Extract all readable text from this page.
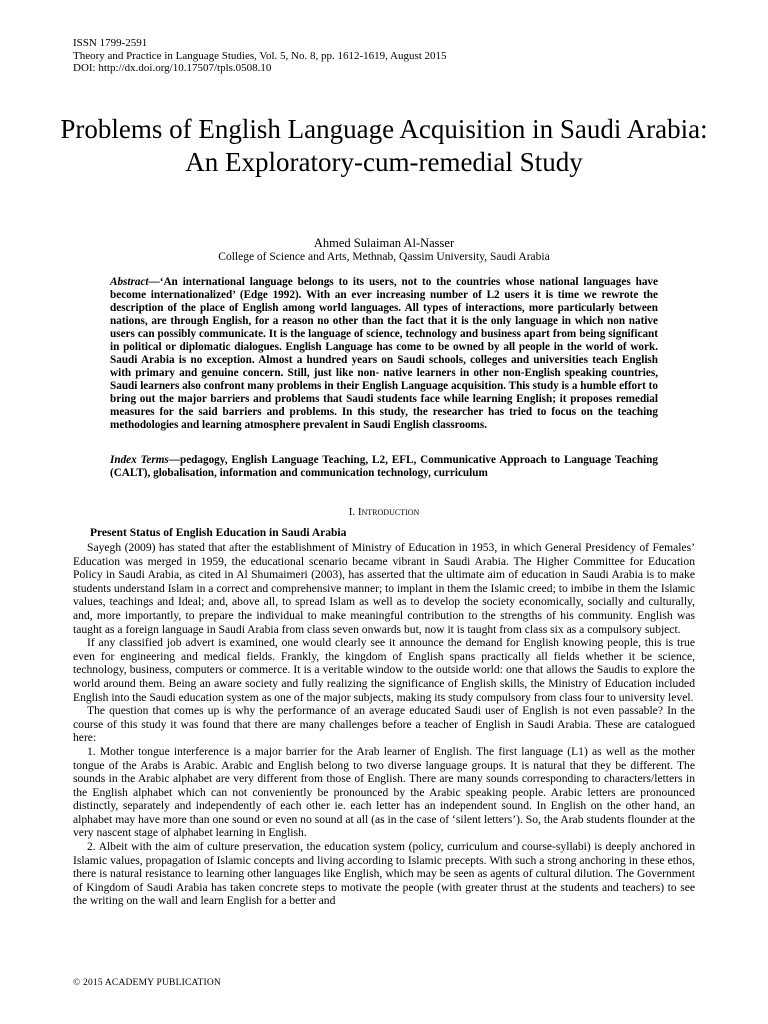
ISSN 1799-2591
Theory and Practice in Language Studies, Vol. 5, No. 8, pp. 1612-1619, August 2015
DOI: http://dx.doi.org/10.17507/tpls.0508.10
Problems of English Language Acquisition in Saudi Arabia: An Exploratory-cum-remedial Study
Ahmed Sulaiman Al-Nasser
College of Science and Arts, Methnab, Qassim University, Saudi Arabia
Abstract—‘An international language belongs to its users, not to the countries whose national languages have become internationalized’ (Edge 1992). With an ever increasing number of L2 users it is time we rewrote the description of the place of English among world languages. All types of interactions, more particularly between nations, are through English, for a reason no other than the fact that it is the only language in which non native users can possibly communicate. It is the language of science, technology and business apart from being significant in political or diplomatic dialogues. English Language has come to be owned by all people in the world of work. Saudi Arabia is no exception. Almost a hundred years on Saudi schools, colleges and universities teach English with primary and genuine concern. Still, just like non- native learners in other non-English speaking countries, Saudi learners also confront many problems in their English Language acquisition. This study is a humble effort to bring out the major barriers and problems that Saudi students face while learning English; it proposes remedial measures for the said barriers and problems. In this study, the researcher has tried to focus on the teaching methodologies and learning atmosphere prevalent in Saudi English classrooms.
Index Terms—pedagogy, English Language Teaching, L2, EFL, Communicative Approach to Language Teaching (CALT), globalisation, information and communication technology, curriculum
I. Introduction
Present Status of English Education in Saudi Arabia

Sayegh (2009) has stated that after the establishment of Ministry of Education in 1953, in which General Presidency of Females’ Education was merged in 1959, the educational scenario became vibrant in Saudi Arabia. The Higher Committee for Education Policy in Saudi Arabia, as cited in Al Shumaimeri (2003), has asserted that the ultimate aim of education in Saudi Arabia is to make students understand Islam in a correct and comprehensive manner; to implant in them the Islamic creed; to imbibe in them the Islamic values, teachings and Ideal; and, above all, to spread Islam as well as to develop the society economically, socially and culturally, and, more importantly, to prepare the individual to make meaningful contribution to the strengths of his community. English was taught as a foreign language in Saudi Arabia from class seven onwards but, now it is taught from class six as a compulsory subject.

If any classified job advert is examined, one would clearly see it announce the demand for English knowing people, this is true even for engineering and medical fields. Frankly, the kingdom of English spans practically all fields whether it be science, technology, business, computers or commerce. It is a veritable window to the outside world: one that allows the Saudis to explore the world around them. Being an aware society and fully realizing the significance of English skills, the Ministry of Education included English into the Saudi education system as one of the major subjects, making its study compulsory from class four to university level.

The question that comes up is why the performance of an average educated Saudi user of English is not even passable? In the course of this study it was found that there are many challenges before a teacher of English in Saudi Arabia. These are catalogued here:

1. Mother tongue interference is a major barrier for the Arab learner of English. The first language (L1) as well as the mother tongue of the Arabs is Arabic. Arabic and English belong to two diverse language groups. It is natural that they be different. The sounds in the Arabic alphabet are very different from those of English. There are many sounds corresponding to characters/letters in the English alphabet which can not conveniently be pronounced by the Arabic speaking people. Arabic letters are pronounced distinctly, separately and independently of each other ie. each letter has an independent sound. In English on the other hand, an alphabet may have more than one sound or even no sound at all (as in the case of ‘silent letters’). So, the Arab students flounder at the very nascent stage of alphabet learning in English.

2. Albeit with the aim of culture preservation, the education system (policy, curriculum and course-syllabi) is deeply anchored in Islamic values, propagation of Islamic concepts and living according to Islamic precepts. With such a strong anchoring in these ethos, there is natural resistance to learning other languages like English, which may be seen as agents of cultural dilution. The Government of Kingdom of Saudi Arabia has taken concrete steps to motivate the people (with greater thrust at the students and teachers) to see the writing on the wall and learn English for a better and

© 2015 ACADEMY PUBLICATION
